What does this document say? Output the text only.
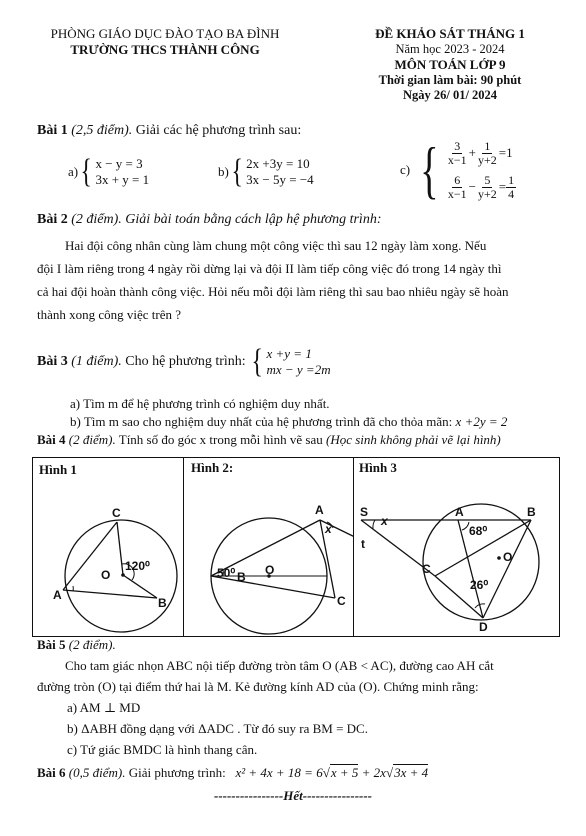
PHÒNG GIÁO DỤC ĐÀO TẠO BA ĐÌNH
TRƯỜNG THCS THÀNH CÔNG
ĐỀ KHẢO SÁT THÁNG 1
Năm học 2023 - 2024
MÔN TOÁN LỚP 9
Thời gian làm bài: 90 phút
Ngày 26/ 01/ 2024
Bài 1 (2,5 điểm). Giải các hệ phương trình sau:
a) { x − y = 3
3x + y = 1
b) { 2x +3y = 10
3x − 5y = −4
c) { $\frac{3}{x-1} + \frac{1}{y+2} =1$
$\frac{6}{x-1} - \frac{5}{y+2} = \frac{1}{4}$
Bài 2 (2 điểm). Giải bài toán bằng cách lập hệ phương trình:
Hai đội công nhân cùng làm chung một công việc thì sau 12 ngày làm xong. Nếu
đội I làm riêng trong 4 ngày rồi dừng lại và đội II làm tiếp công việc đó trong 14 ngày thì
cả hai đội hoàn thành công việc. Hỏi nếu mỗi đội làm riêng thì sau bao nhiêu ngày sẽ hoàn
thành xong công việc trên ?
Bài 3
(1 điểm).
Cho hệ phương trình:
{ x +y = 1
mx − y =2m
a) Tìm m để hệ phương trình có nghiệm duy nhất.
b) Tìm m sao cho nghiệm duy nhất của hệ phương trình đã cho thỏa mãn: x +2y = 2
Bài 4 (2 điểm). Tính số đo góc x trong mỗi hình vẽ sau (Học sinh không phải vẽ lại hình)
Hình 1	Hình 2:	Hình 3
C
O
120⁰
A
B
A
x
t
B
50⁰ O
C
S
x
A	B
68⁰
C
O
26⁰
D
Bài 5 (2 điểm).
Cho tam giác nhọn ABC nội tiếp đường tròn tâm O (AB < AC), đường cao AH cắt
đường tròn (O) tại điểm thứ hai là M. Kẻ đường kính AD của (O). Chứng minh rằng:
a) AM ⊥ MD
b) ΔABH đồng dạng với ΔADC . Từ đó suy ra BM = DC.
c) Tứ giác BMDC là hình thang cân.
Bài 6 (0,5 điểm). Giải phương trình: x² + 4x + 18 = 6√x + 5 + 2x√3x + 4
----------------Hết----------------
